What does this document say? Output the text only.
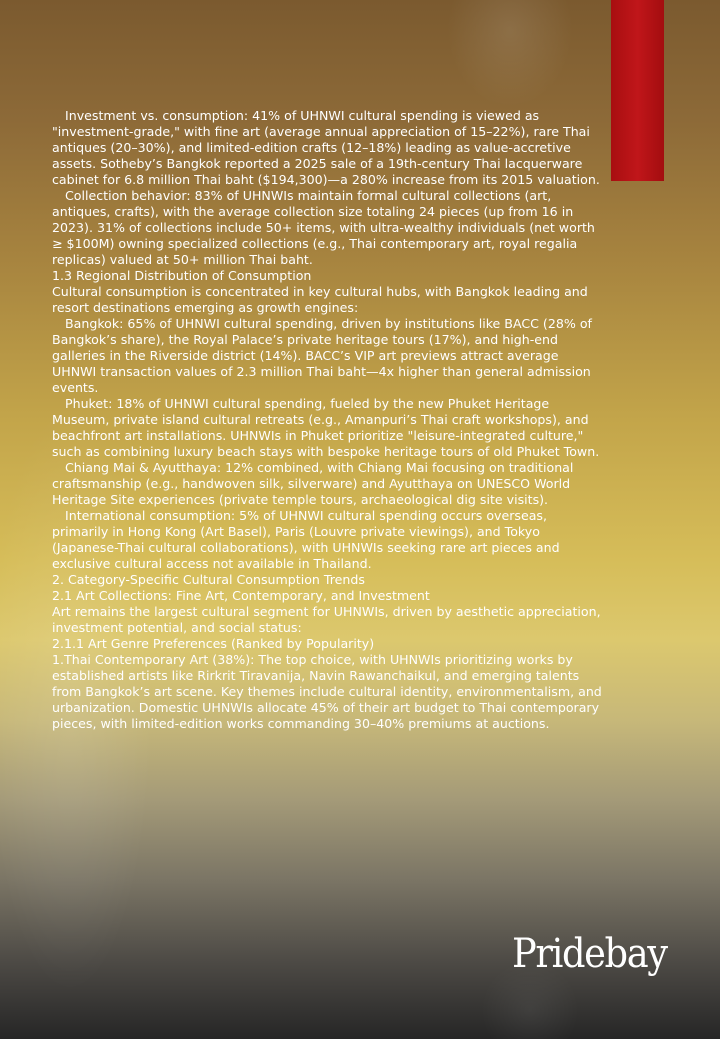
Investment vs. consumption: 41% of UHNWI cultural spending is viewed as "investment-grade," with fine art (average annual appreciation of 15–22%), rare Thai antiques (20–30%), and limited-edition crafts (12–18%) leading as value-accretive assets. Sotheby’s Bangkok reported a 2025 sale of a 19th-century Thai lacquerware cabinet for 6.8 million Thai baht ($194,300)—a 280% increase from its 2015 valuation.

Collection behavior: 83% of UHNWIs maintain formal cultural collections (art, antiques, crafts), with the average collection size totaling 24 pieces (up from 16 in 2023). 31% of collections include 50+ items, with ultra-wealthy individuals (net worth ≥ $100M) owning specialized collections (e.g., Thai contemporary art, royal regalia replicas) valued at 50+ million Thai baht.

1.3 Regional Distribution of Consumption

Cultural consumption is concentrated in key cultural hubs, with Bangkok leading and resort destinations emerging as growth engines:

Bangkok: 65% of UHNWI cultural spending, driven by institutions like BACC (28% of Bangkok’s share), the Royal Palace’s private heritage tours (17%), and high-end galleries in the Riverside district (14%). BACC’s VIP art previews attract average UHNWI transaction values of 2.3 million Thai baht—4x higher than general admission events.

Phuket: 18% of UHNWI cultural spending, fueled by the new Phuket Heritage Museum, private island cultural retreats (e.g., Amanpuri’s Thai craft workshops), and beachfront art installations. UHNWIs in Phuket prioritize "leisure-integrated culture," such as combining luxury beach stays with bespoke heritage tours of old Phuket Town.

Chiang Mai & Ayutthaya: 12% combined, with Chiang Mai focusing on traditional craftsmanship (e.g., handwoven silk, silverware) and Ayutthaya on UNESCO World Heritage Site experiences (private temple tours, archaeological dig site visits).

International consumption: 5% of UHNWI cultural spending occurs overseas, primarily in Hong Kong (Art Basel), Paris (Louvre private viewings), and Tokyo (Japanese-Thai cultural collaborations), with UHNWIs seeking rare art pieces and exclusive cultural access not available in Thailand.

2. Category-Specific Cultural Consumption Trends

2.1 Art Collections: Fine Art, Contemporary, and Investment

Art remains the largest cultural segment for UHNWIs, driven by aesthetic appreciation, investment potential, and social status:

2.1.1 Art Genre Preferences (Ranked by Popularity)

1.Thai Contemporary Art (38%): The top choice, with UHNWIs prioritizing works by established artists like Rirkrit Tiravanija, Navin Rawanchaikul, and emerging talents from Bangkok’s art scene. Key themes include cultural identity, environmentalism, and urbanization. Domestic UHNWIs allocate 45% of their art budget to Thai contemporary pieces, with limited-edition works commanding 30–40% premiums at auctions.

Pridebay
